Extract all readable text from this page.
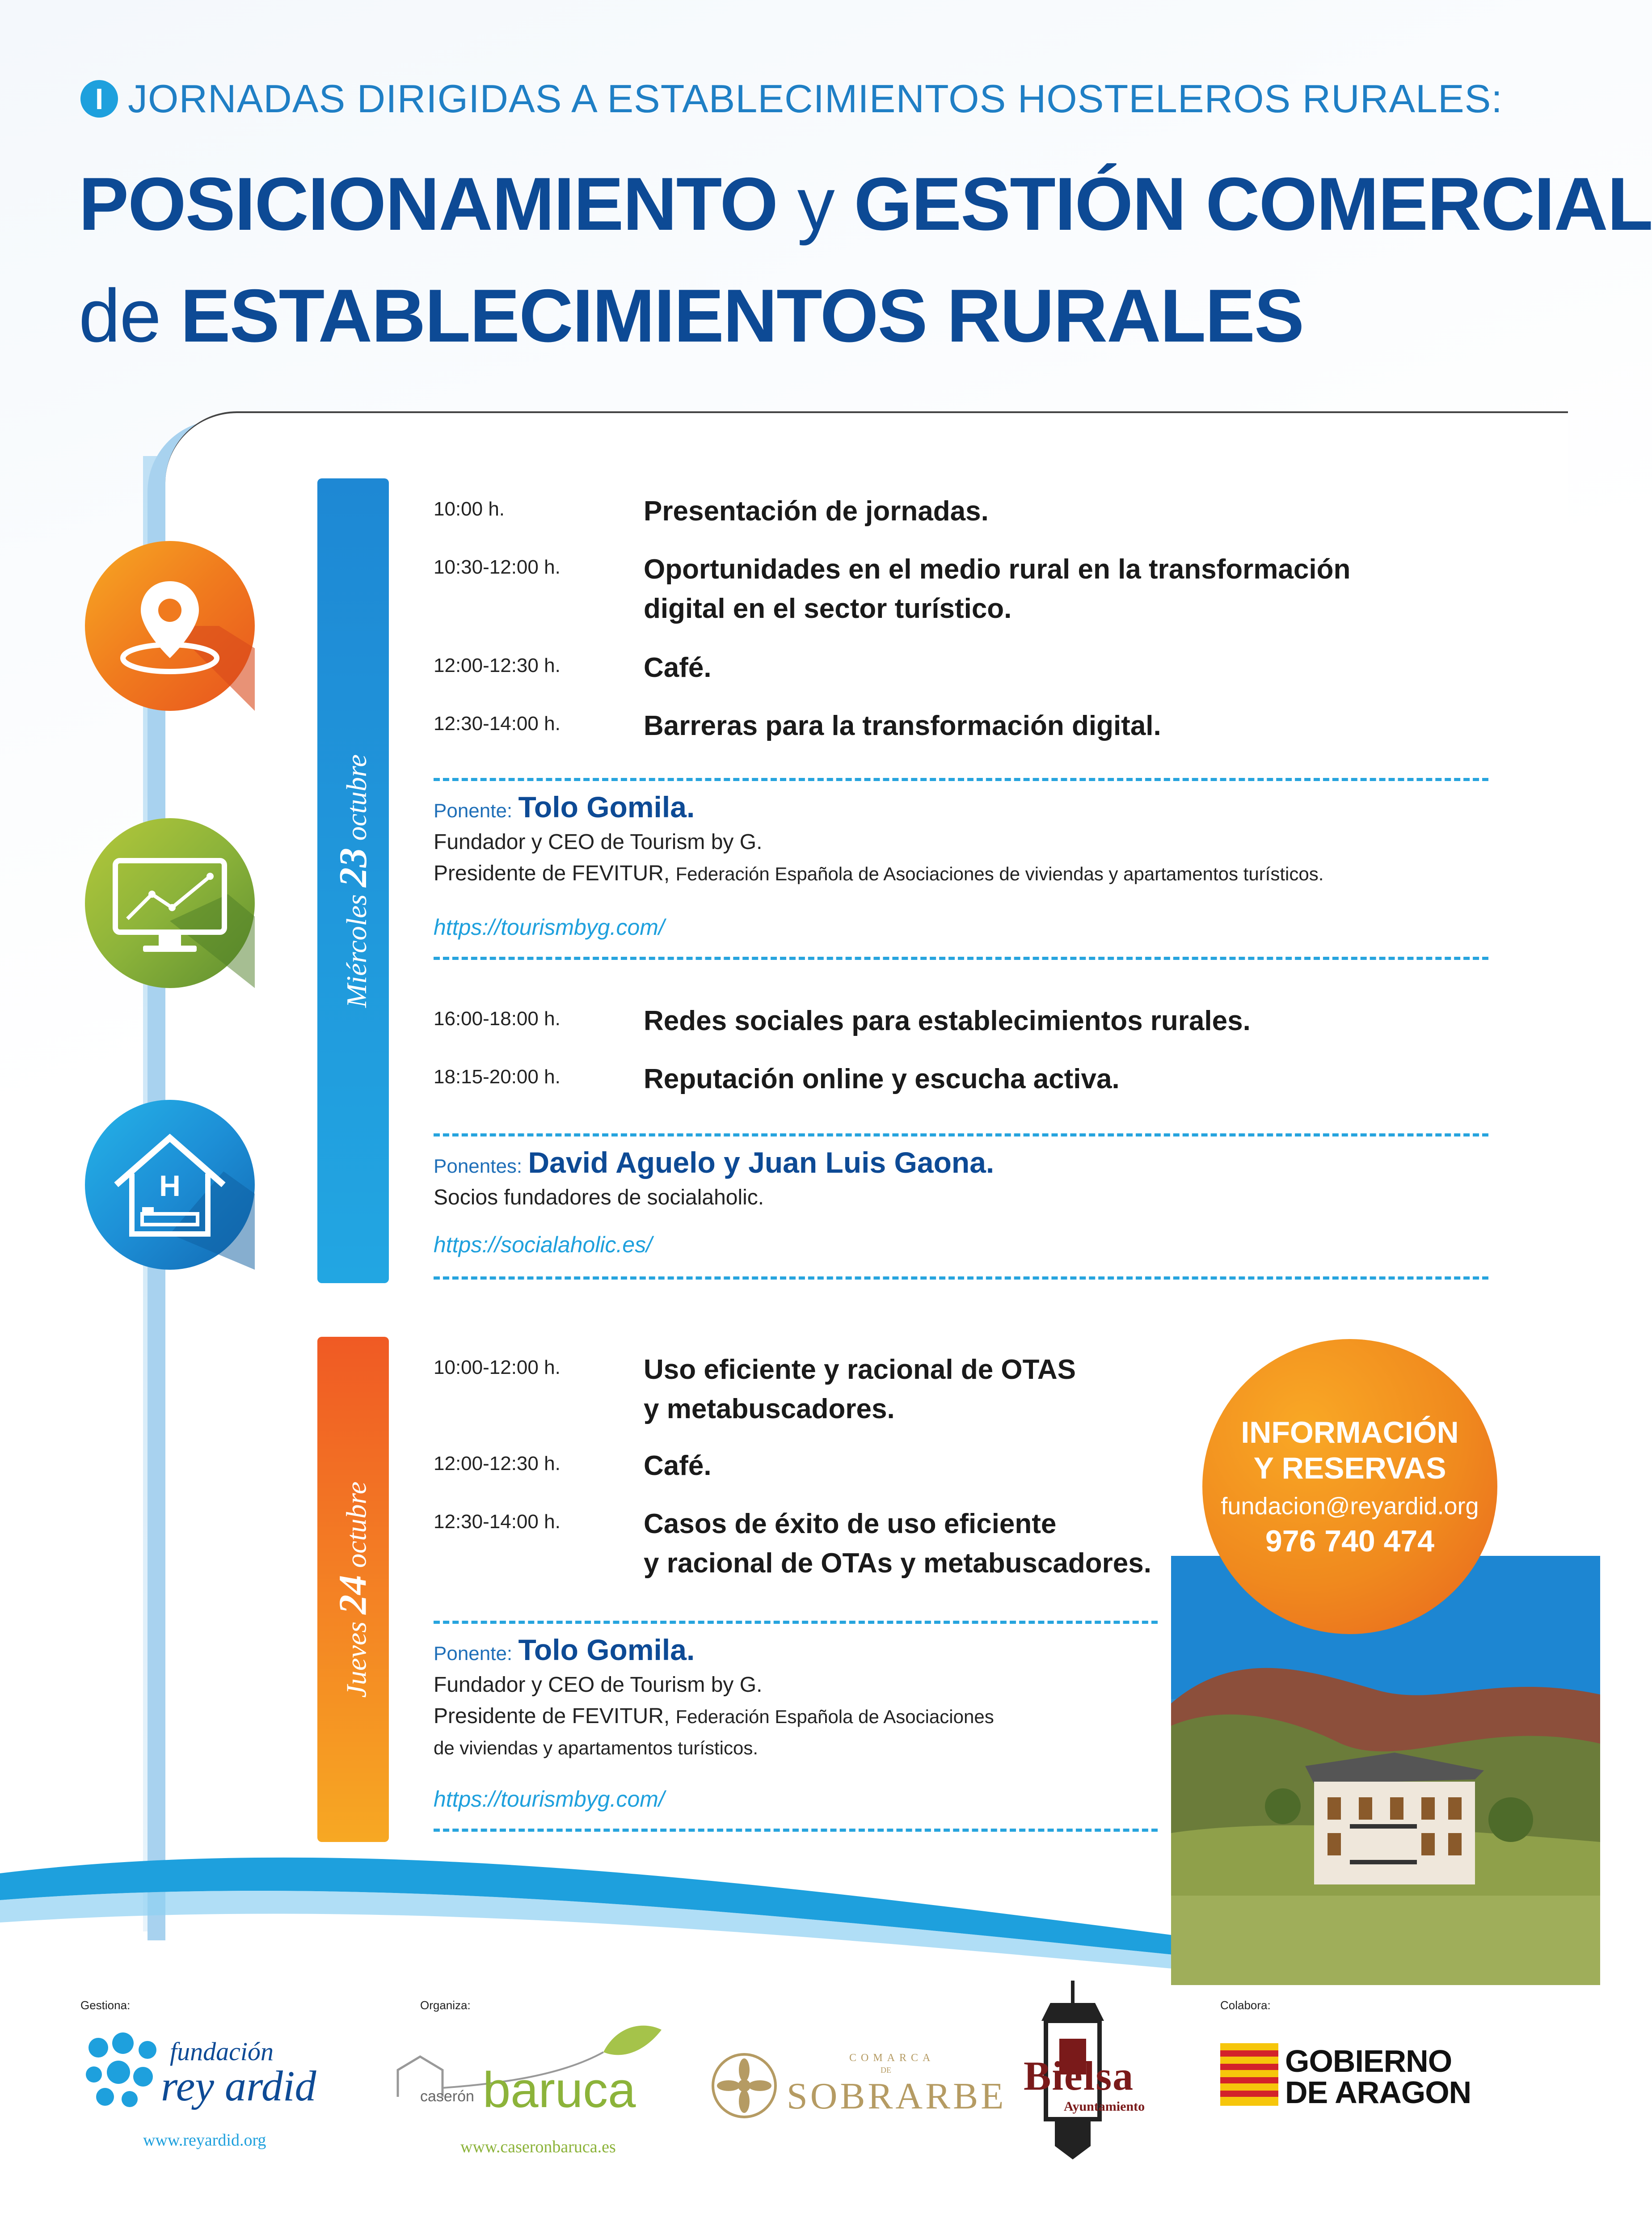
I JORNADAS DIRIGIDAS A ESTABLECIMIENTOS HOSTELEROS RURALES:
POSICIONAMIENTO y GESTIÓN COMERCIAL
de ESTABLECIMIENTOS RURALES
H
Miércoles 23 octubre
Jueves 24 octubre
10:00 h.	Presentación de jornadas.
10:30-12:00 h.	Oportunidades en el medio rural en la transformación
digital en el sector turístico.
12:00-12:30 h.	Café.
12:30-14:00 h.	Barreras para la transformación digital.
Ponente: Tolo Gomila.
Fundador y CEO de Tourism by G.
Presidente de FEVITUR, Federación Española de Asociaciones de viviendas y apartamentos turísticos.
https://tourismbyg.com/
16:00-18:00 h.	Redes sociales para establecimientos rurales.
18:15-20:00 h.	Reputación online y escucha activa.
Ponentes: David Aguelo y Juan Luis Gaona.
Socios fundadores de socialaholic.
https://socialaholic.es/
10:00-12:00 h.	Uso eficiente y racional de OTAS
y metabuscadores.
12:00-12:30 h.	Café.
12:30-14:00 h.	Casos de éxito de uso eficiente
y racional de OTAs y metabuscadores.
Ponente: Tolo Gomila.
Fundador y CEO de Tourism by G.
Presidente de FEVITUR, Federación Española de Asociaciones
de viviendas y apartamentos turísticos.
https://tourismbyg.com/
INFORMACIÓN
Y RESERVAS
fundacion@reyardid.org
976 740 474
Gestiona:	Organiza:	Colabora:
fundación
rey ardid
www.reyardid.org
caserón baruca
www.caseronbaruca.es
COMARCA
DE
SOBRARBE Bielsa
Ayuntamiento
GOBIERNO
DE ARAGON
